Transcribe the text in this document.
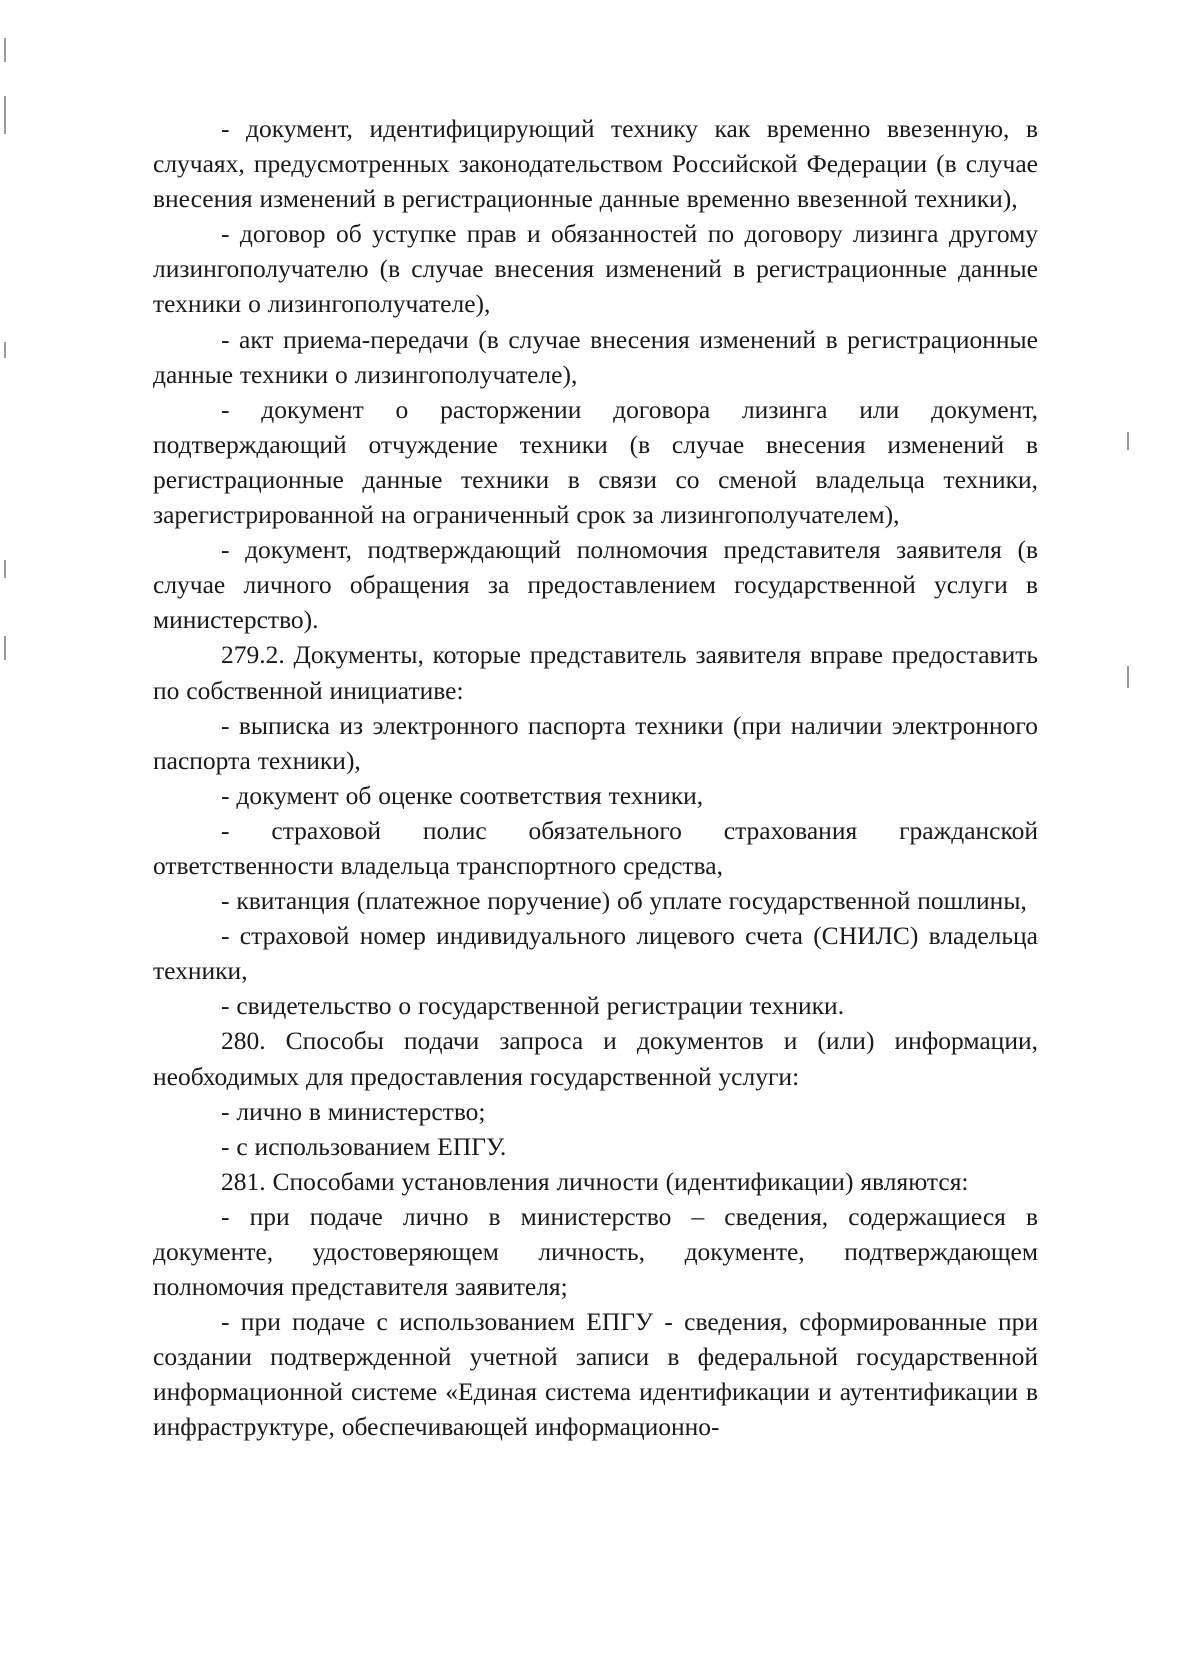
- документ, идентифицирующий технику как временно ввезенную, в случаях, предусмотренных законодательством Российской Федерации (в случае внесения изменений в регистрационные данные временно ввезенной техники),

- договор об уступке прав и обязанностей по договору лизинга другому лизингополучателю (в случае внесения изменений в регистрационные данные техники о лизингополучателе),

- акт приема-передачи (в случае внесения изменений в регистрационные данные техники о лизингополучателе),

- документ о расторжении договора лизинга или документ, подтверждающий отчуждение техники (в случае внесения изменений в регистрационные данные техники в связи со сменой владельца техники, зарегистрированной на ограниченный срок за лизингополучателем),

- документ, подтверждающий полномочия представителя заявителя (в случае личного обращения за предоставлением государственной услуги в министерство).

279.2. Документы, которые представитель заявителя вправе предоставить по собственной инициативе:

- выписка из электронного паспорта техники (при наличии электронного паспорта техники),

- документ об оценке соответствия техники,

- страховой полис обязательного страхования гражданской ответственности владельца транспортного средства,

- квитанция (платежное поручение) об уплате государственной пошлины,

- страховой номер индивидуального лицевого счета (СНИЛС) владельца техники,

- свидетельство о государственной регистрации техники.

280. Способы подачи запроса и документов и (или) информации, необходимых для предоставления государственной услуги:

- лично в министерство;

- с использованием ЕПГУ.

281. Способами установления личности (идентификации) являются:

- при подаче лично в министерство – сведения, содержащиеся в документе, удостоверяющем личность, документе, подтверждающем полномочия представителя заявителя;

- при подаче с использованием ЕПГУ - сведения, сформированные при создании подтвержденной учетной записи в федеральной государственной информационной системе «Единая система идентификации и аутентификации в инфраструктуре, обеспечивающей информационно-
